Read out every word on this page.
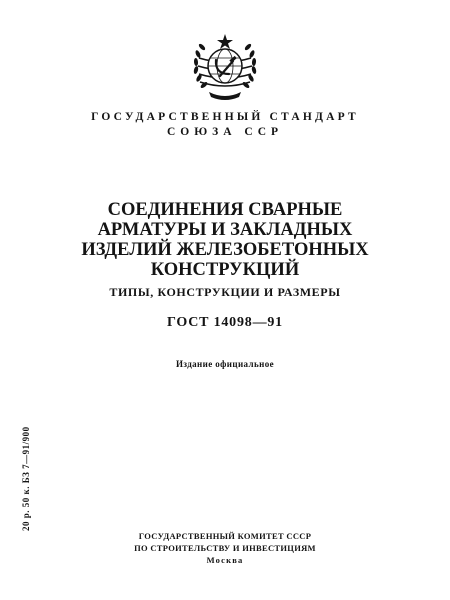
ГОСУДАРСТВЕННЫЙ СТАНДАРТ
СОЮЗА ССР
СОЕДИНЕНИЯ СВАРНЫЕ
АРМАТУРЫ И ЗАКЛАДНЫХ
ИЗДЕЛИЙ ЖЕЛЕЗОБЕТОННЫХ
КОНСТРУКЦИЙ
ТИПЫ, КОНСТРУКЦИИ И РАЗМЕРЫ
ГОСТ 14098—91
Издание официальное
20 р. 50 к. БЗ 7—91/900
ГОСУДАРСТВЕННЫЙ КОМИТЕТ СССР
ПО СТРОИТЕЛЬСТВУ И ИНВЕСТИЦИЯМ
Москва
